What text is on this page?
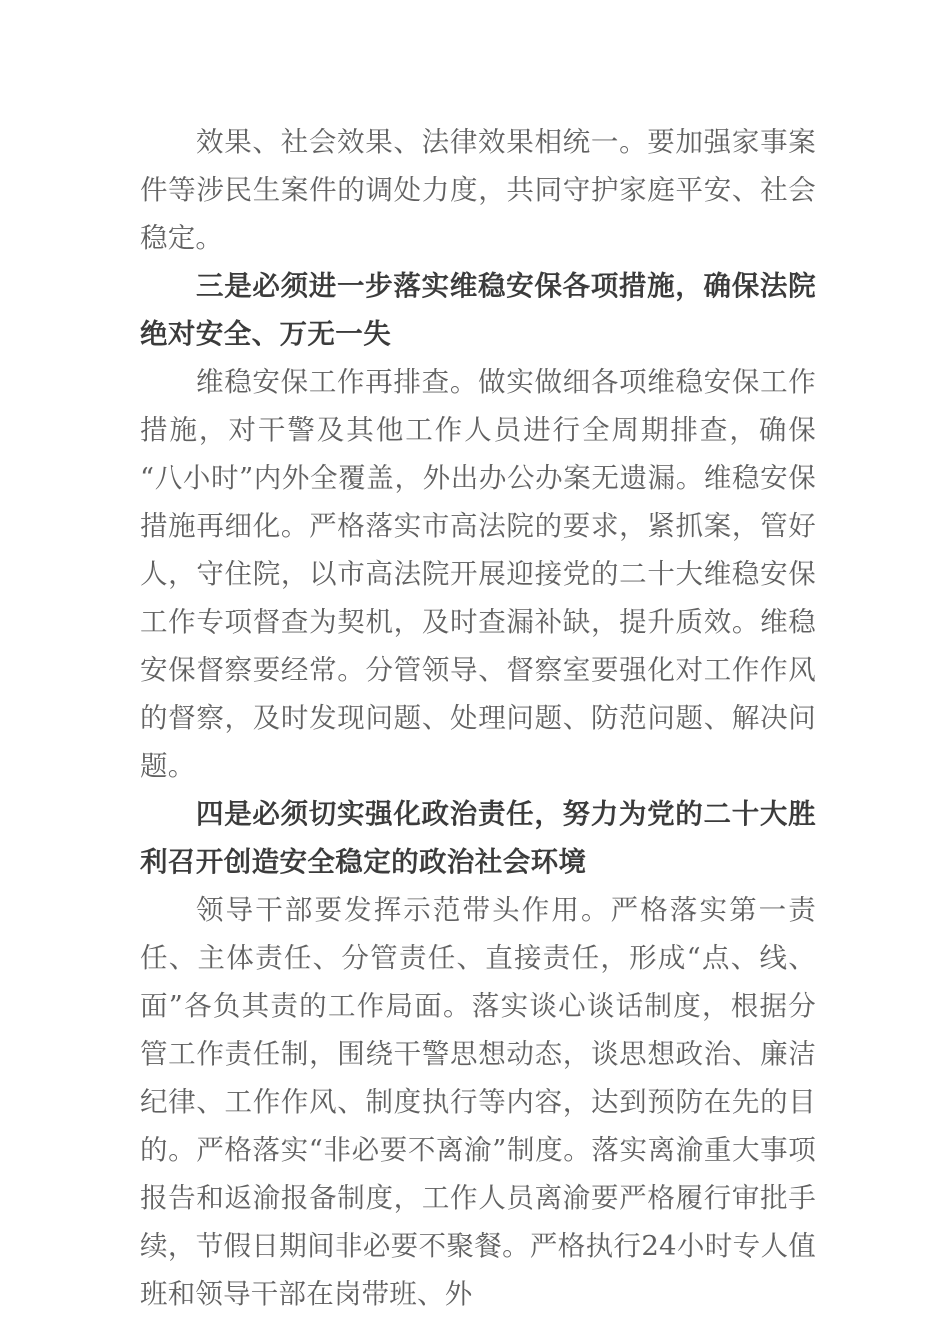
效果、社会效果、法律效果相统一。要加强家事案件等涉民生案件的调处力度，共同守护家庭平安、社会稳定。

三是必须进一步落实维稳安保各项措施，确保法院绝对安全、万无一失

维稳安保工作再排查。做实做细各项维稳安保工作措施，对干警及其他工作人员进行全周期排查，确保“八小时”内外全覆盖，外出办公办案无遗漏。维稳安保措施再细化。严格落实市高法院的要求，紧抓案，管好人，守住院，以市高法院开展迎接党的二十大维稳安保工作专项督查为契机，及时查漏补缺，提升质效。维稳安保督察要经常。分管领导、督察室要强化对工作作风的督察，及时发现问题、处理问题、防范问题、解决问题。

四是必须切实强化政治责任，努力为党的二十大胜利召开创造安全稳定的政治社会环境

领导干部要发挥示范带头作用。严格落实第一责任、主体责任、分管责任、直接责任，形成“点、线、面”各负其责的工作局面。落实谈心谈话制度，根据分管工作责任制，围绕干警思想动态，谈思想政治、廉洁纪律、工作作风、制度执行等内容，达到预防在先的目的。严格落实“非必要不离渝”制度。落实离渝重大事项报告和返渝报备制度，工作人员离渝要严格履行审批手续，节假日期间非必要不聚餐。严格执行24小时专人值班和领导干部在岗带班、外
